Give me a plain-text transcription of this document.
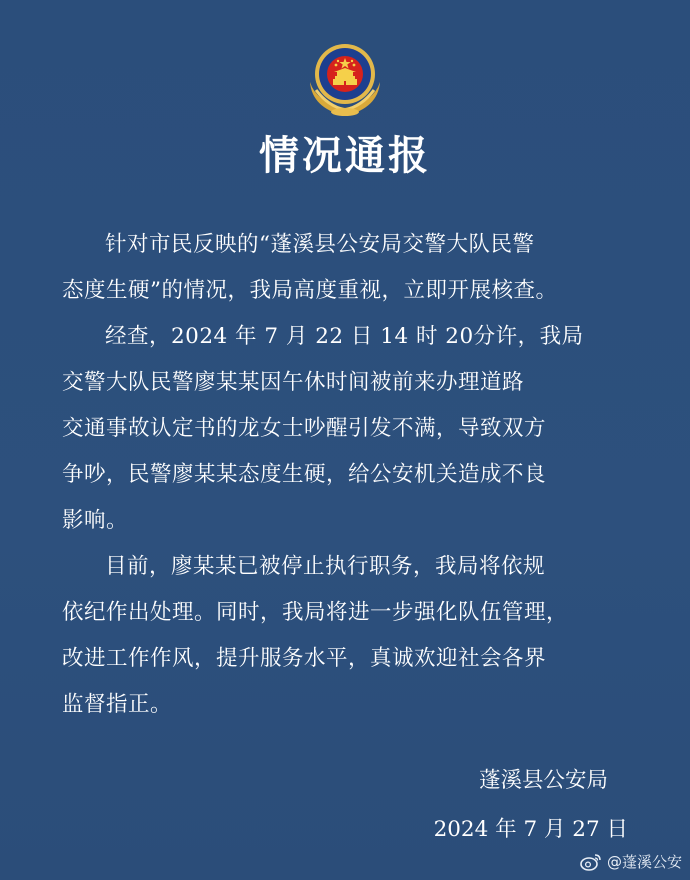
情况通报
针对市民反映的“蓬溪县公安局交警大队民警
态度生硬”的情况，我局高度重视，立即开展核查。
经查，2024 年 7 月 22 日 14 时 20分许，我局
交警大队民警廖某某因午休时间被前来办理道路
交通事故认定书的龙女士吵醒引发不满，导致双方
争吵，民警廖某某态度生硬，给公安机关造成不良
影响。
目前，廖某某已被停止执行职务，我局将依规
依纪作出处理。同时，我局将进一步强化队伍管理，
改进工作作风，提升服务水平，真诚欢迎社会各界
监督指正。
蓬溪县公安局
2024 年 7 月 27 日
@蓬溪公安
